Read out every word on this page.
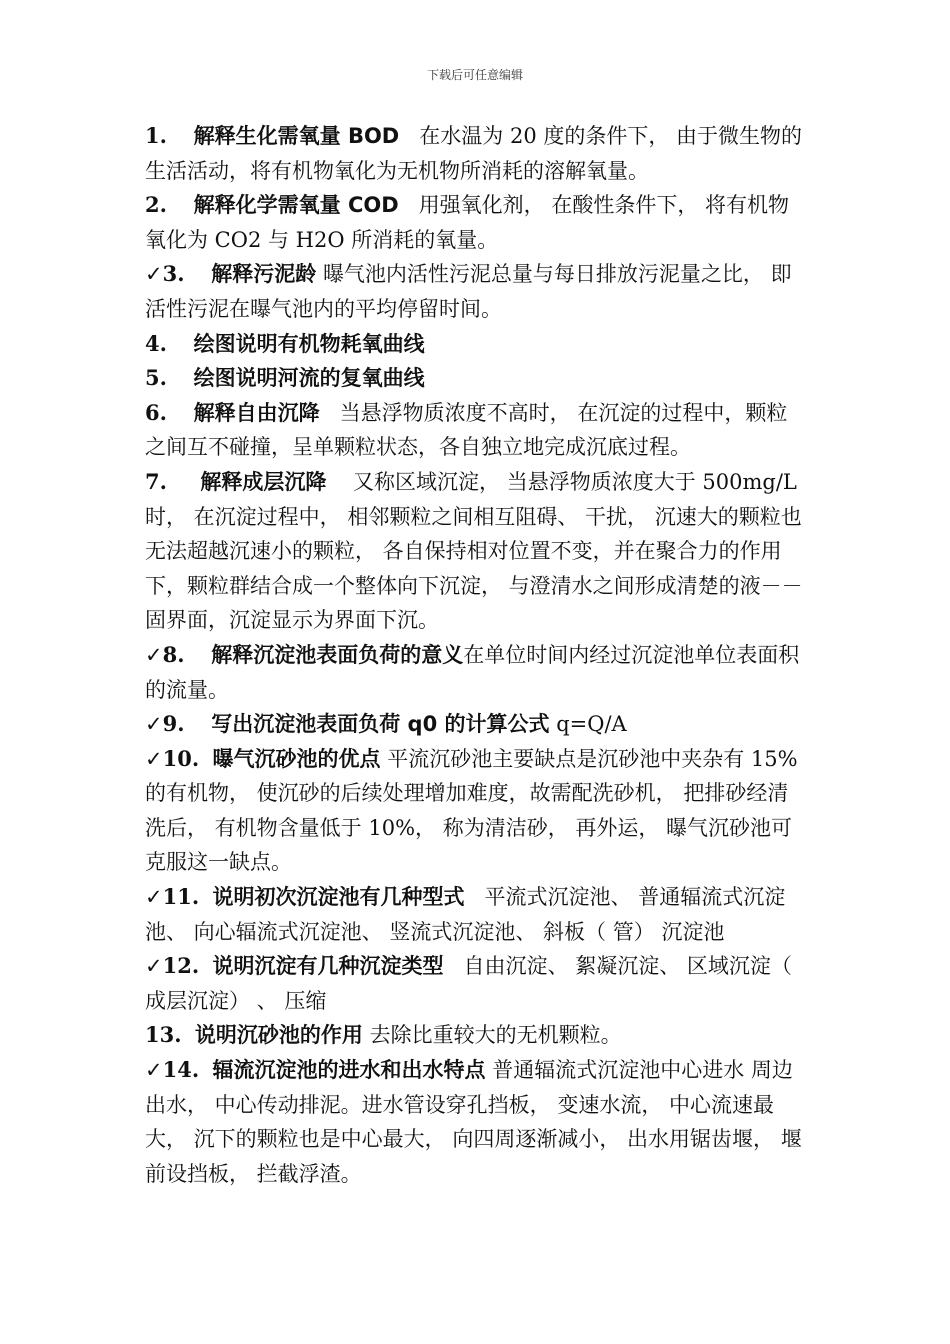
下载后可任意编辑

1. 解释生化需氧量 BOD 在水温为 20 度的条件下， 由于微生物的生活活动，将有机物氧化为无机物所消耗的溶解氧量。

2. 解释化学需氧量 COD 用强氧化剂， 在酸性条件下， 将有机物氧化为 CO2 与 H2O 所消耗的氧量。

✓3. 解释污泥龄 曝气池内活性污泥总量与每日排放污泥量之比， 即活性污泥在曝气池内的平均停留时间。

4. 绘图说明有机物耗氧曲线

5. 绘图说明河流的复氧曲线

6. 解释自由沉降 当悬浮物质浓度不高时， 在沉淀的过程中，颗粒之间互不碰撞，呈单颗粒状态，各自独立地完成沉底过程。

7. 解释成层沉降 又称区域沉淀， 当悬浮物质浓度大于 500mg/L 时， 在沉淀过程中， 相邻颗粒之间相互阻碍、 干扰， 沉速大的颗粒也无法超越沉速小的颗粒， 各自保持相对位置不变，并在聚合力的作用下，颗粒群结合成一个整体向下沉淀， 与澄清水之间形成清楚的液－－固界面，沉淀显示为界面下沉。

✓8. 解释沉淀池表面负荷的意义在单位时间内经过沉淀池单位表面积的流量。

✓9. 写出沉淀池表面负荷 q0 的计算公式 q=Q/A

✓10. 曝气沉砂池的优点 平流沉砂池主要缺点是沉砂池中夹杂有 15%的有机物， 使沉砂的后续处理增加难度，故需配洗砂机， 把排砂经清洗后， 有机物含量低于 10%， 称为清洁砂， 再外运， 曝气沉砂池可克服这一缺点。

✓11. 说明初次沉淀池有几种型式 平流式沉淀池、 普通辐流式沉淀池、 向心辐流式沉淀池、 竖流式沉淀池、 斜板（ 管） 沉淀池

✓12. 说明沉淀有几种沉淀类型 自由沉淀、 絮凝沉淀、 区域沉淀（ 成层沉淀） 、 压缩

13. 说明沉砂池的作用 去除比重较大的无机颗粒。

✓14. 辐流沉淀池的进水和出水特点 普通辐流式沉淀池中心进水 周边出水， 中心传动排泥。进水管设穿孔挡板， 变速水流， 中心流速最大， 沉下的颗粒也是中心最大， 向四周逐渐减小， 出水用锯齿堰， 堰前设挡板， 拦截浮渣。
